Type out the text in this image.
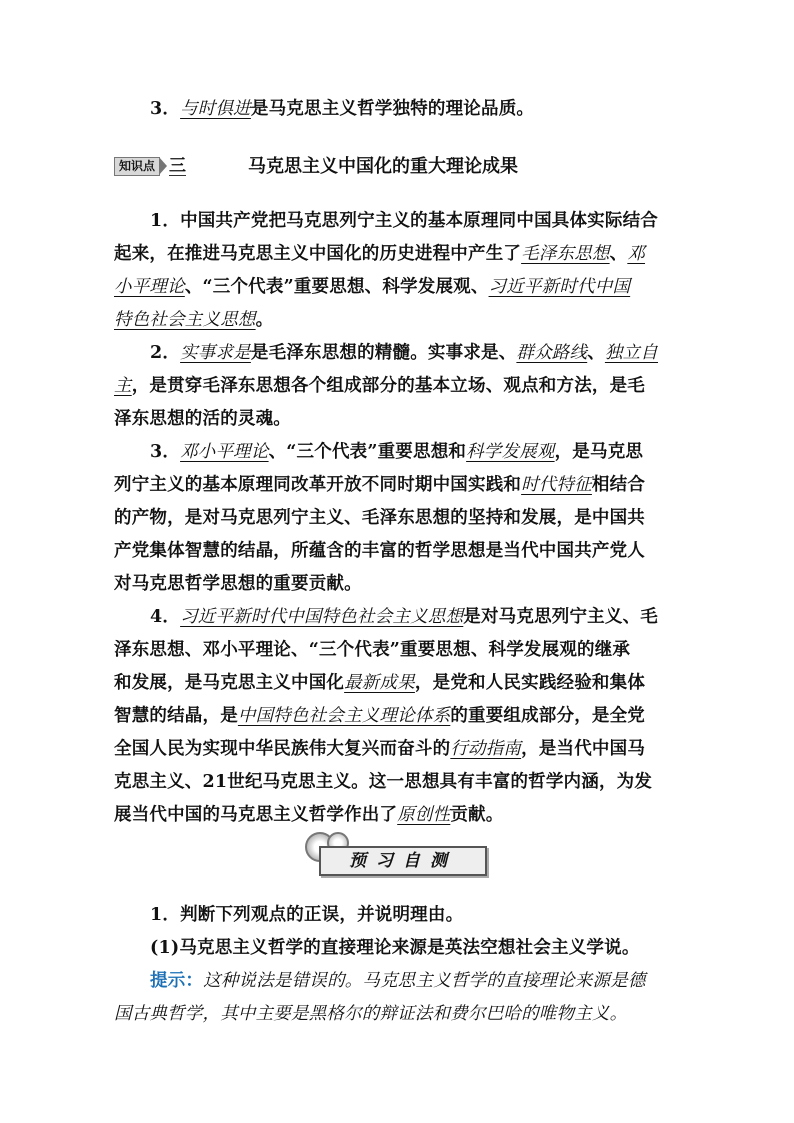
3．与时俱进是马克思主义哲学独特的理论品质。
知识点 三	马克思主义中国化的重大理论成果
1．中国共产党把马克思列宁主义的基本原理同中国具体实际结合
起来，在推进马克思主义中国化的历史进程中产生了毛泽东思想、邓
小平理论、“三个代表”重要思想、科学发展观、习近平新时代中国
特色社会主义思想。
2．实事求是是毛泽东思想的精髓。实事求是、群众路线、独立自
主，是贯穿毛泽东思想各个组成部分的基本立场、观点和方法，是毛
泽东思想的活的灵魂。
3．邓小平理论、“三个代表”重要思想和科学发展观，是马克思
列宁主义的基本原理同改革开放不同时期中国实践和时代特征相结合
的产物，是对马克思列宁主义、毛泽东思想的坚持和发展，是中国共
产党集体智慧的结晶，所蕴含的丰富的哲学思想是当代中国共产党人
对马克思哲学思想的重要贡献。
4．习近平新时代中国特色社会主义思想是对马克思列宁主义、毛
泽东思想、邓小平理论、“三个代表”重要思想、科学发展观的继承
和发展，是马克思主义中国化最新成果，是党和人民实践经验和集体
智慧的结晶，是中国特色社会主义理论体系的重要组成部分，是全党
全国人民为实现中华民族伟大复兴而奋斗的行动指南，是当代中国马
克思主义、21世纪马克思主义。这一思想具有丰富的哲学内涵，为发
展当代中国的马克思主义哲学作出了原创性贡献。
预习自测
1．判断下列观点的正误，并说明理由。
(1)马克思主义哲学的直接理论来源是英法空想社会主义学说。
提示：这种说法是错误的。马克思主义哲学的直接理论来源是德
国古典哲学，其中主要是黑格尔的辩证法和费尔巴哈的唯物主义。
